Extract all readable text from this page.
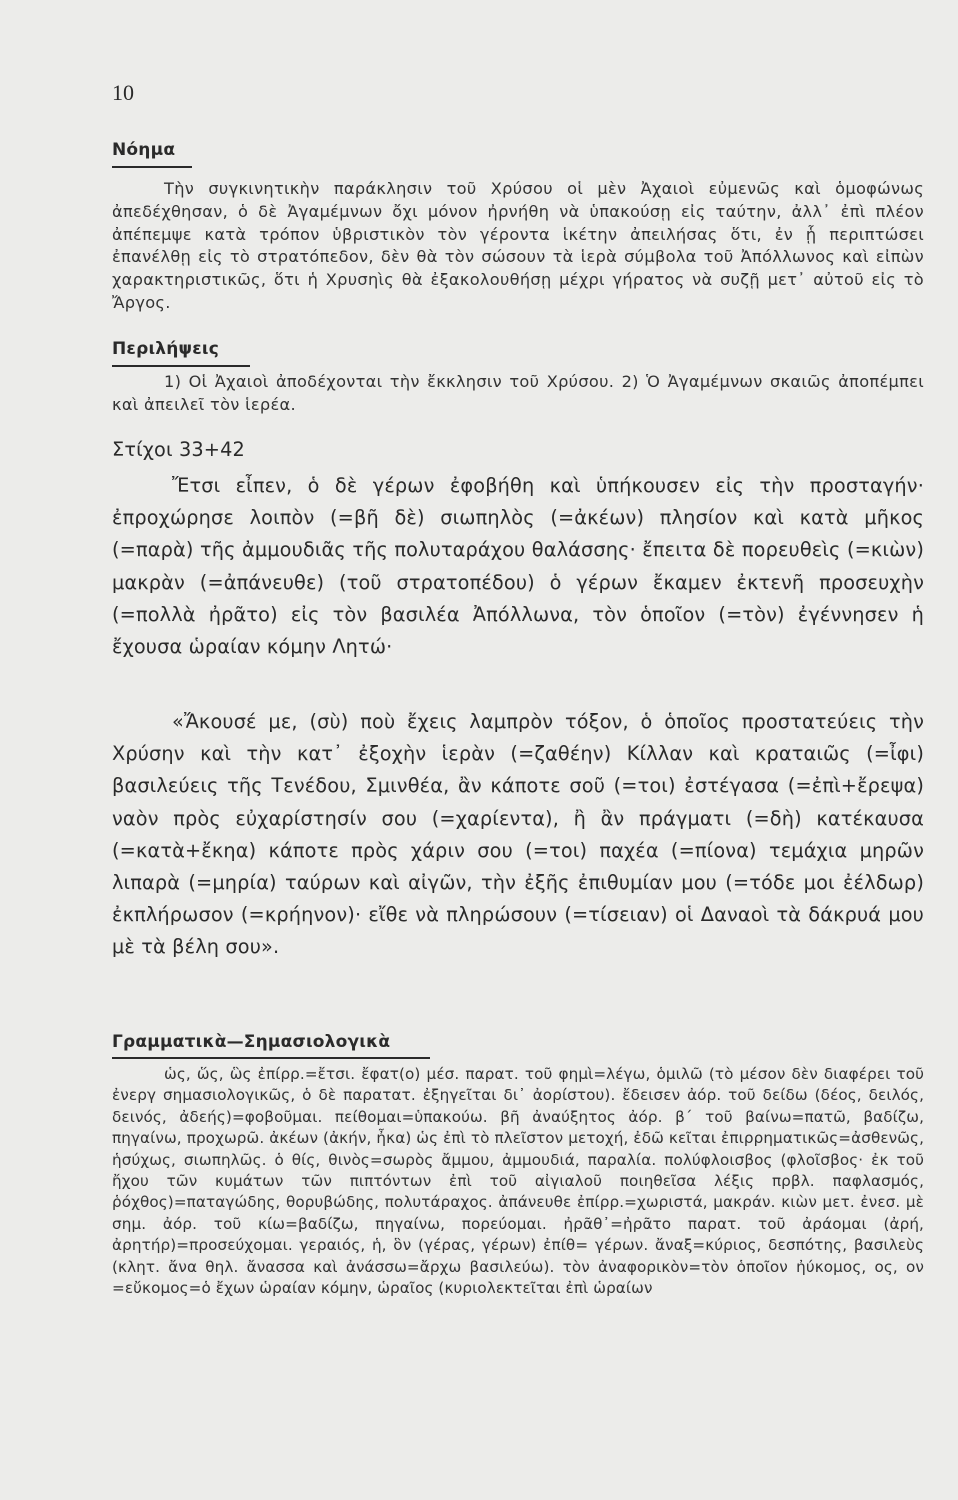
10
Νόημα

Τὴν συγκινητικὴν παράκλησιν τοῦ Χρύσου οἱ μὲν Ἀχαιοὶ εὐμενῶς καὶ ὁμοφώνως ἀπεδέχθησαν, ὁ δὲ Ἀγαμέμνων ὄχι μόνον ἠρνήθη νὰ ὑπακούσῃ εἰς ταύτην, ἀλλ᾽ ἐπὶ πλέον ἀπέπεμψε κατὰ τρόπον ὑβριστικὸν τὸν γέροντα ἱκέτην ἀπειλήσας ὅτι, ἐν ᾗ περιπτώσει ἐπανέλθῃ εἰς τὸ στρατόπεδον, δὲν θὰ τὸν σώσουν τὰ ἱερὰ σύμβολα τοῦ Ἀπόλλωνος καὶ εἰπὼν χαρακτηριστικῶς, ὅτι ἡ Χρυσηὶς θὰ ἐξακολουθήσῃ μέχρι γήρατος νὰ συζῇ μετ᾽ αὐτοῦ εἰς τὸ Ἄργος.

Περιλήψεις

1) Οἱ Ἀχαιοὶ ἀποδέχονται τὴν ἔκκλησιν τοῦ Χρύσου. 2) Ὁ Ἀγαμέμνων σκαιῶς ἀποπέμπει καὶ ἀπειλεῖ τὸν ἱερέα.

Στίχοι 33+42

Ἔτσι εἶπεν, ὁ δὲ γέρων ἐφοβήθη καὶ ὑπήκουσεν εἰς τὴν προσταγήν· ἐπροχώρησε λοιπὸν (=βῆ δὲ) σιωπηλὸς (=ἀκέων) πλησίον καὶ κατὰ μῆκος (=παρὰ) τῆς ἀμμουδιᾶς τῆς πολυταράχου θαλάσσης· ἔπειτα δὲ πορευθεὶς (=κιὼν) μακρὰν (=ἀπάνευθε) (τοῦ στρατοπέδου) ὁ γέρων ἔκαμεν ἐκτενῆ προσευχὴν (=πολλὰ ἠρᾶτο) εἰς τὸν βασιλέα Ἀπόλλωνα, τὸν ὁποῖον (=τὸν) ἐγέννησεν ἡ ἔχουσα ὡραίαν κόμην Λητώ·

«Ἄκουσέ με, (σὺ) ποὺ ἔχεις λαμπρὸν τόξον, ὁ ὁποῖος προστατεύεις τὴν Χρύσην καὶ τὴν κατ᾽ ἐξοχὴν ἱερὰν (=ζαθέην) Κίλλαν καὶ κραταιῶς (=ἶφι) βασιλεύεις τῆς Τενέδου, Σμινθέα, ἂν κάποτε σοῦ (=τοι) ἐστέγασα (=ἐπὶ+ἔρεψα) ναὸν πρὸς εὐχαρίστησίν σου (=χαρίεντα), ἢ ἂν πράγματι (=δὴ) κατέκαυσα (=κατὰ+ἔκηα) κάποτε πρὸς χάριν σου (=τοι) παχέα (=πίονα) τεμάχια μηρῶν λιπαρὰ (=μηρία) ταύρων καὶ αἰγῶν, τὴν ἐξῆς ἐπιθυμίαν μου (=τόδε μοι ἐέλδωρ) ἐκπλήρωσον (=κρήηνον)· εἴθε νὰ πληρώσουν (=τίσειαν) οἱ Δαναοὶ τὰ δάκρυά μου μὲ τὰ βέλη σου».

Γραμματικὰ—Σημασιολογικὰ

ὡς, ὥς, ὣς ἐπίρρ.=ἔτσι. ἔφατ(ο) μέσ. παρατ. τοῦ φημὶ=λέγω, ὁμιλῶ (τὸ μέσον δὲν διαφέρει τοῦ ἐνεργ σημασιολογικῶς, ὁ δὲ παρατατ. ἐξηγεῖται δι᾽ ἀορίστου). ἔδεισεν ἀόρ. τοῦ δείδω (δέος, δειλός, δεινός, ἀδεής)=φοβοῦμαι. πείθομαι=ὑπακούω. βῆ ἀναύξητος ἀόρ. β΄ τοῦ βαίνω=πατῶ, βαδίζω, πηγαίνω, προχωρῶ. ἀκέων (ἀκήν, ἦκα) ὡς ἐπὶ τὸ πλεῖστον μετοχή, ἐδῶ κεῖται ἐπιρρηματικῶς=ἀσθενῶς, ἡσύχως, σιωπηλῶς. ὁ θίς, θινὸς=σωρὸς ἄμμου, ἀμμουδιά, παραλία. πολύφλοισβος (φλοῖσβος· ἐκ τοῦ ἤχου τῶν κυμάτων τῶν πιπτόντων ἐπὶ τοῦ αἰγιαλοῦ ποιηθεῖσα λέξις πρβλ. παφλασμός, ῥόχθος)=παταγώδης, θορυβώδης, πολυτάραχος. ἀπάνευθε ἐπίρρ.=χωριστά, μακράν. κιὼν μετ. ἐνεσ. μὲ σημ. ἀόρ. τοῦ κίω=βαδίζω, πηγαίνω, πορεύομαι. ἠρᾶθ᾽=ἠρᾶτο παρατ. τοῦ ἀράομαι (ἀρή, ἀρητήρ)=προσεύχομαι. γεραιός, ἡ, ὃν (γέρας, γέρων) ἐπίθ= γέρων. ἄναξ=κύριος, δεσπότης, βασιλεὺς (κλητ. ἄνα θηλ. ἄνασσα καὶ ἀνάσσω=ἄρχω βασιλεύω). τὸν ἀναφορικὸν=τὸν ὁποῖον ἠύκομος, ος, ον =εὔκομος=ὁ ἔχων ὡραίαν κόμην, ὡραῖος (κυριολεκτεῖται ἐπὶ ὡραίων
